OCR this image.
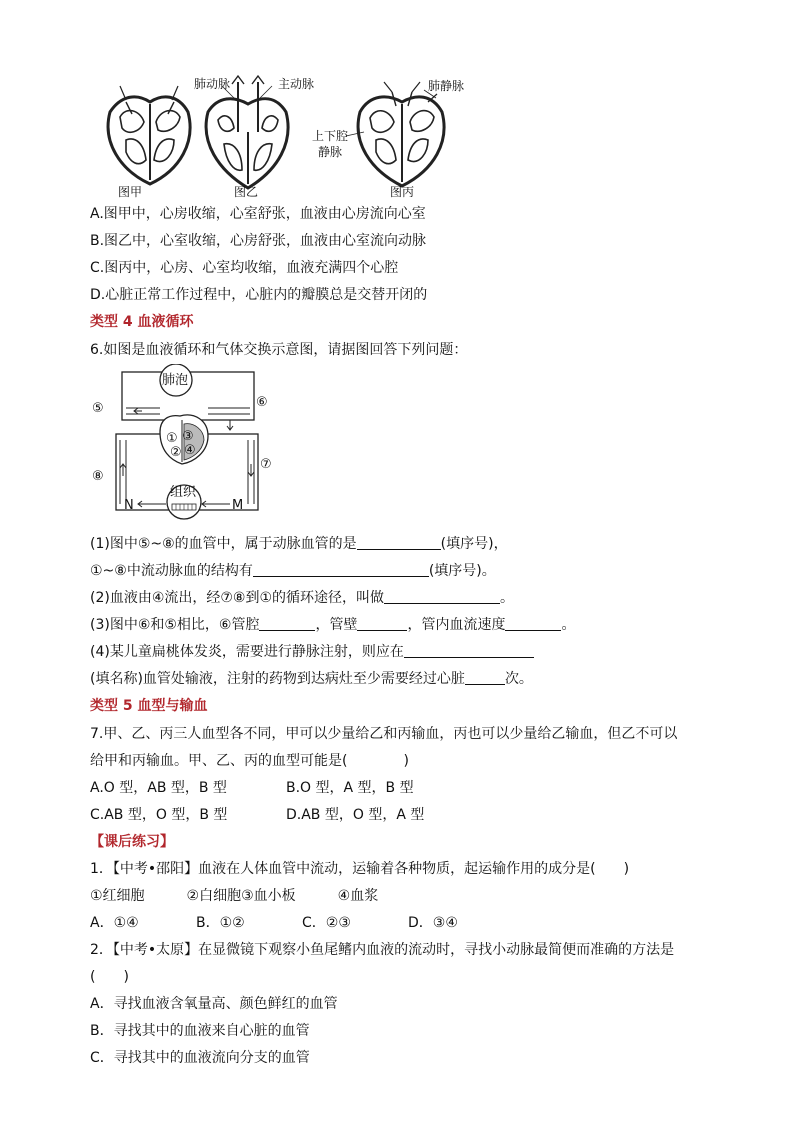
肺动脉	主动脉	肺静脉
上下腔
静脉
图甲	图乙	图丙
A.图甲中，心房收缩，心室舒张，血液由心房流向心室
B.图乙中，心室收缩，心房舒张，血液由心室流向动脉
C.图丙中，心房、心室均收缩，血液充满四个心腔
D.心脏正常工作过程中，心脏内的瓣膜总是交替开闭的
类型 4 血液循环
6.如图是血液循环和气体交换示意图，请据图回答下列问题：
肺泡
组织
N	M
①
②
③
④
⑤	⑥
⑦
⑧
(1)图中⑤~⑧的血管中，属于动脉血管的是	(填序号)，
①~⑧中流动脉血的结构有	(填序号)。
(2)血液由④流出，经⑦⑧到①的循环途径，叫做	。
(3)图中⑥和⑤相比，⑥管腔	，管壁	，管内血流速度	。
(4)某儿童扁桃体发炎，需要进行静脉注射，则应在
(填名称)血管处输液，注射的药物到达病灶至少需要经过心脏	次。
类型 5 血型与输血
7.甲、乙、丙三人血型各不同，甲可以少量给乙和丙输血，丙也可以少量给乙输血，但乙不可以
给甲和丙输血。甲、乙、丙的血型可能是(　　　　)
A.O 型，AB 型，B 型	B.O 型，A 型，B 型
C.AB 型，O 型，B 型	D.AB 型，O 型，A 型
【课后练习】
1．【中考•邵阳】血液在人体血管中流动，运输着各种物质，起运输作用的成分是(　　)
①红细胞　　　②白细胞③血小板　　　④血浆
A．①④	B．①②	C．②③	D．③④
2．【中考•太原】在显微镜下观察小鱼尾鳍内血液的流动时，寻找小动脉最简便而准确的方法是
(　　)
A．寻找血液含氧量高、颜色鲜红的血管
B．寻找其中的血液来自心脏的血管
C．寻找其中的血液流向分支的血管
